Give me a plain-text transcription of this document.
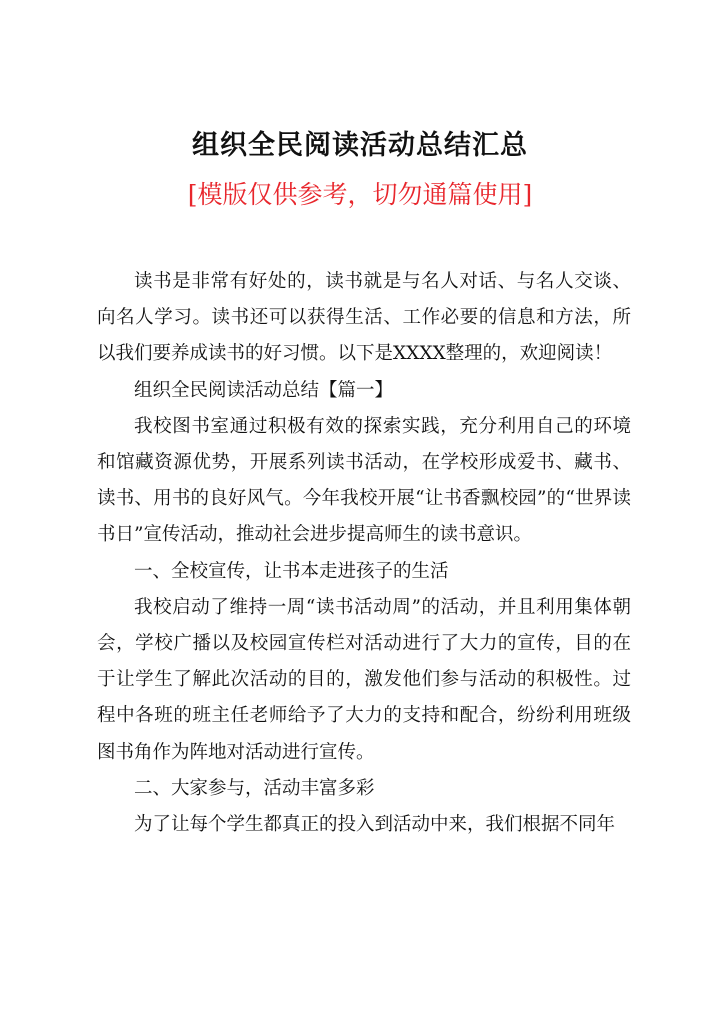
组织全民阅读活动总结汇总
[模版仅供参考，切勿通篇使用]

读书是非常有好处的，读书就是与名人对话、与名人交谈、向名人学习。读书还可以获得生活、工作必要的信息和方法，所以我们要养成读书的好习惯。以下是XXXX整理的，欢迎阅读！

组织全民阅读活动总结【篇一】

我校图书室通过积极有效的探索实践，充分利用自己的环境和馆藏资源优势，开展系列读书活动，在学校形成爱书、藏书、读书、用书的良好风气。今年我校开展“让书香飘校园”的“世界读书日”宣传活动，推动社会进步提高师生的读书意识。

一、全校宣传，让书本走进孩子的生活

我校启动了维持一周“读书活动周”的活动，并且利用集体朝会，学校广播以及校园宣传栏对活动进行了大力的宣传，目的在于让学生了解此次活动的目的，激发他们参与活动的积极性。过程中各班的班主任老师给予了大力的支持和配合，纷纷利用班级图书角作为阵地对活动进行宣传。

二、大家参与，活动丰富多彩

为了让每个学生都真正的投入到活动中来，我们根据不同年
